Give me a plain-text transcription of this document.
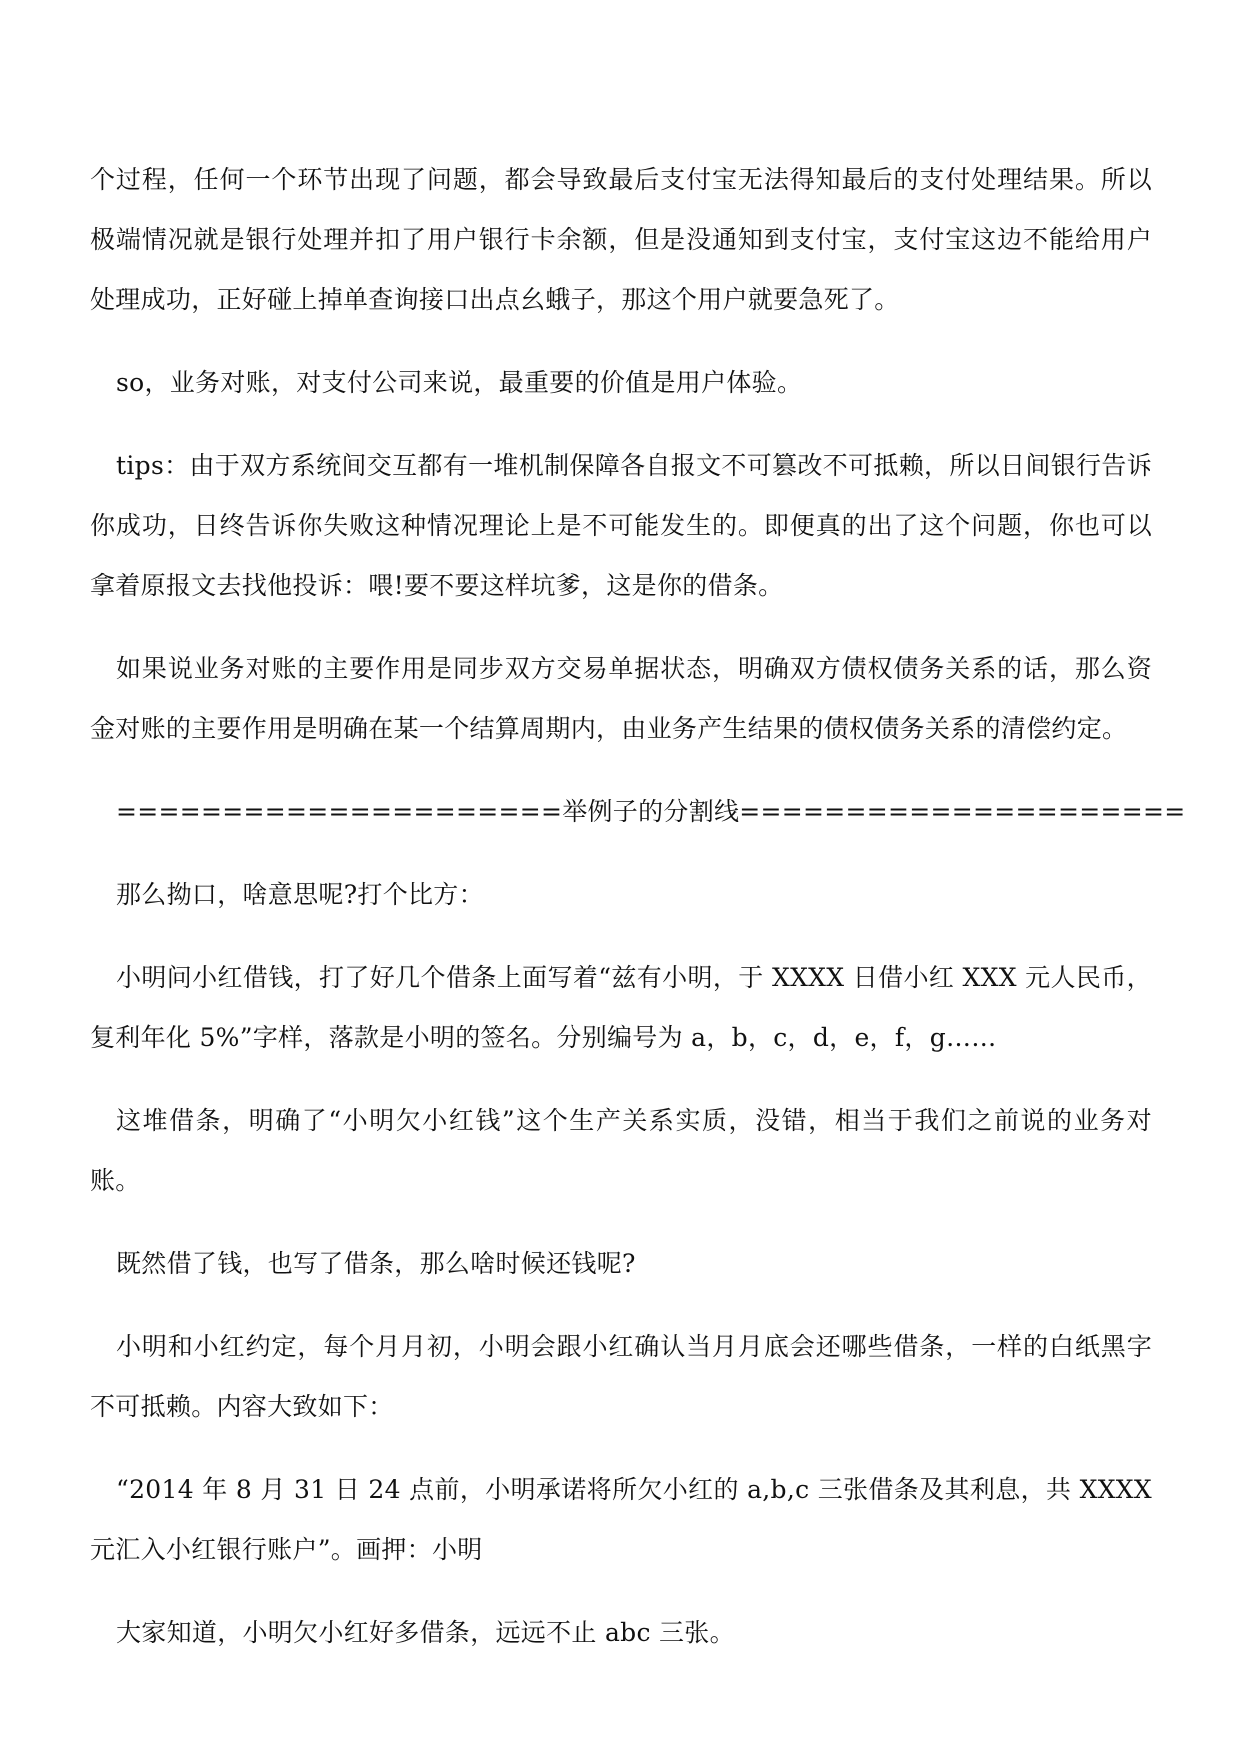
个过程，任何一个环节出现了问题，都会导致最后支付宝无法得知最后的支付处理结果。所以极端情况就是银行处理并扣了用户银行卡余额，但是没通知到支付宝，支付宝这边不能给用户处理成功，正好碰上掉单查询接口出点幺蛾子，那这个用户就要急死了。

so，业务对账，对支付公司来说，最重要的价值是用户体验。

tips：由于双方系统间交互都有一堆机制保障各自报文不可篡改不可抵赖，所以日间银行告诉你成功，日终告诉你失败这种情况理论上是不可能发生的。即便真的出了这个问题，你也可以拿着原报文去找他投诉：喂!要不要这样坑爹，这是你的借条。

如果说业务对账的主要作用是同步双方交易单据状态，明确双方债权债务关系的话，那么资金对账的主要作用是明确在某一个结算周期内，由业务产生结果的债权债务关系的清偿约定。

=====================举例子的分割线=====================

那么拗口，啥意思呢?打个比方：

小明问小红借钱，打了好几个借条上面写着“兹有小明，于 XXXX 日借小红 XXX 元人民币，复利年化 5%”字样，落款是小明的签名。分别编号为 a，b，c，d，e，f，g……

这堆借条，明确了“小明欠小红钱”这个生产关系实质，没错，相当于我们之前说的业务对账。

既然借了钱，也写了借条，那么啥时候还钱呢?

小明和小红约定，每个月月初，小明会跟小红确认当月月底会还哪些借条，一样的白纸黑字不可抵赖。内容大致如下：

“2014 年 8 月 31 日 24 点前，小明承诺将所欠小红的 a,b,c 三张借条及其利息，共 XXXX 元汇入小红银行账户”。画押：小明

大家知道，小明欠小红好多借条，远远不止 abc 三张。
